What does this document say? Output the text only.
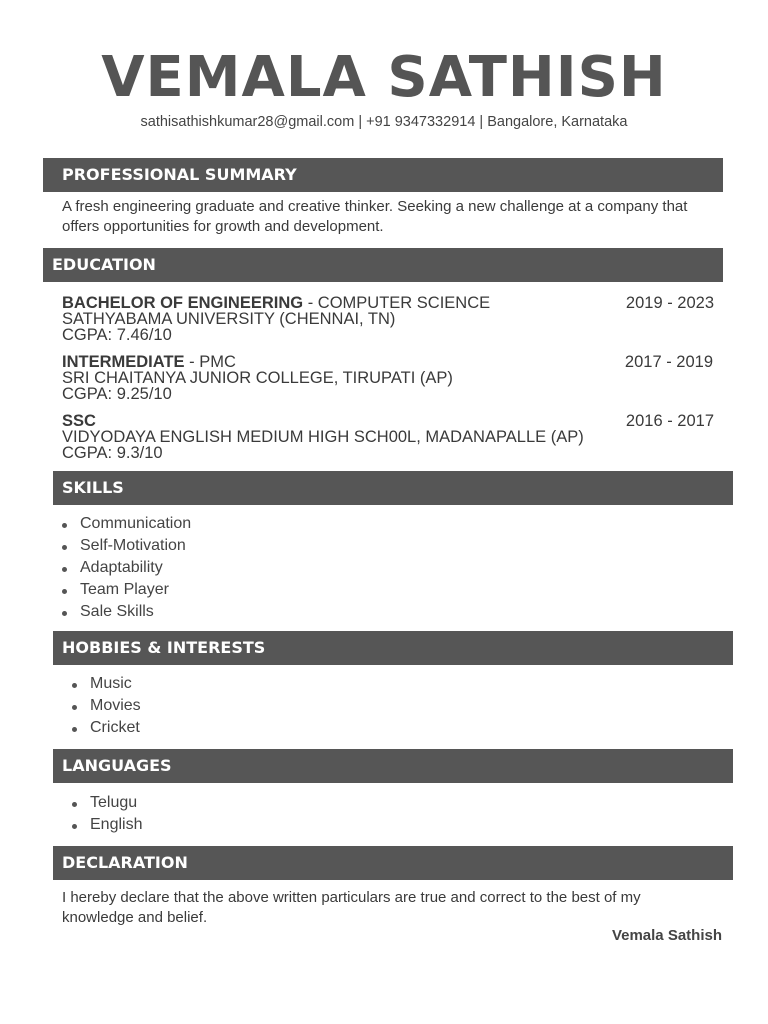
VEMALA SATHISH
sathisathishkumar28@gmail.com | +91 9347332914 | Bangalore, Karnataka
PROFESSIONAL SUMMARY
A fresh engineering graduate and creative thinker. Seeking a new challenge at a company that offers opportunities for growth and development.
EDUCATION
BACHELOR OF ENGINEERING - COMPUTER SCIENCE	2019 - 2023
SATHYABAMA UNIVERSITY (CHENNAI, TN)
CGPA: 7.46/10
INTERMEDIATE - PMC	2017 - 2019
SRI CHAITANYA JUNIOR COLLEGE, TIRUPATI (AP)
CGPA: 9.25/10
SSC	2016 - 2017
VIDYODAYA ENGLISH MEDIUM HIGH SCH00L, MADANAPALLE (AP)
CGPA: 9.3/10
SKILLS
Communication
Self-Motivation
Adaptability
Team Player
Sale Skills
HOBBIES & INTERESTS
Music
Movies
Cricket
LANGUAGES
Telugu
English
DECLARATION
I hereby declare that the above written particulars are true and correct to the best of my knowledge and belief.
Vemala Sathish
